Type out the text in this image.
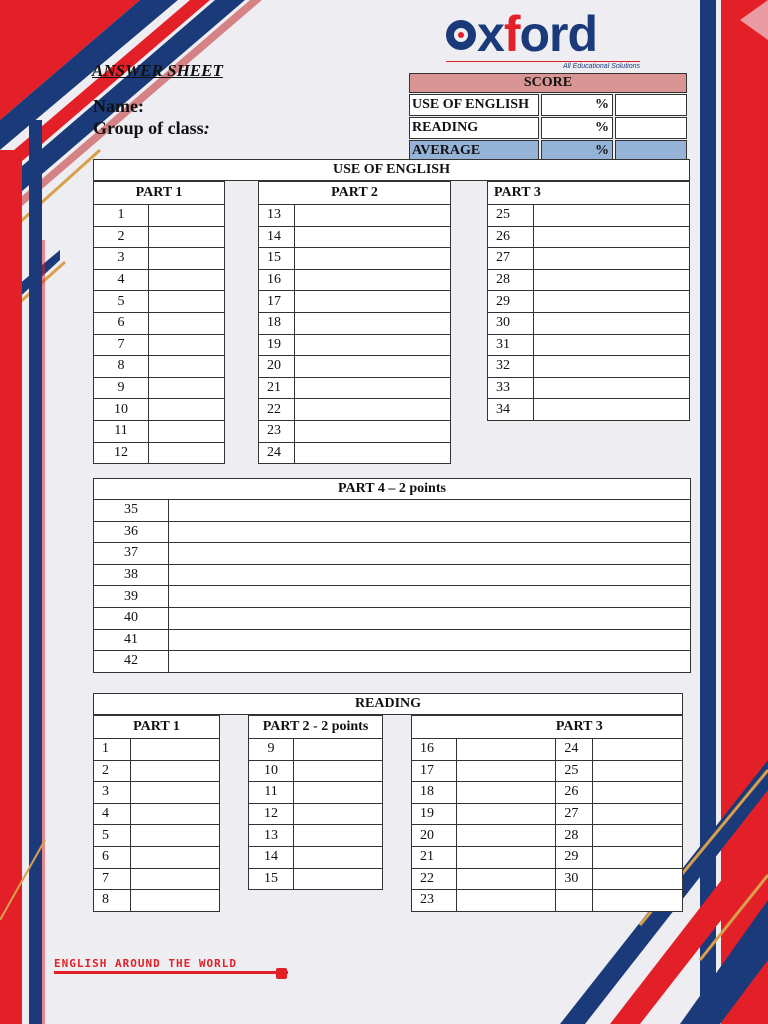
x f ord
All Educational Solutions
ANSWER SHEET
Name:
Group of class:
SCORE
USE OF ENGLISH	%
READING	%
AVERAGE	%
USE OF ENGLISH
PART 1	
1	
2	
3	
4	
5	
6	
7	
8	
9	
10	
11	
12	
PART 2	
13	
14	
15	
16	
17	
18	
19	
20	
21	
22	
23	
24	
PART 3	
25	
26	
27	
28	
29	
30	
31	
32	
33	
34	
PART 4 – 2 points
35	
36	
37	
38	
39	
40	
41	
42	
READING
PART 1	
1	
2	
3	
4	
5	
6	
7	
8	
PART 2 - 2 points	
9	
10	
11	
12	
13	
14	
15	
		PART 3	
16		24	
17		25	
18		26	
19		27	
20		28	
21		29	
22		30	
23			
ENGLISH AROUND THE WORLD
